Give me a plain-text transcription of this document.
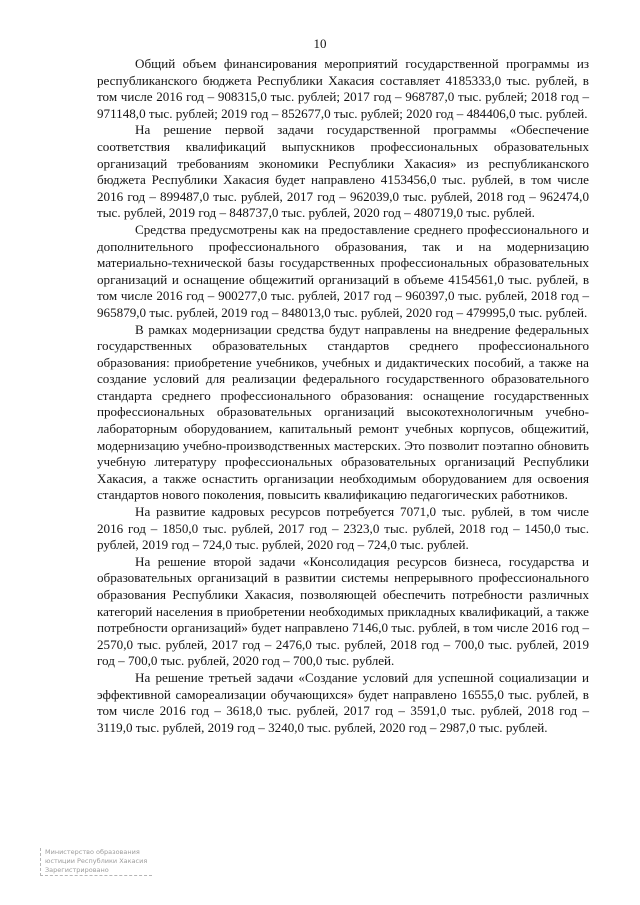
10

Общий объем финансирования мероприятий государственной программы из республиканского бюджета Республики Хакасия составляет 4185333,0 тыс. рублей, в том числе 2016 год – 908315,0 тыс. рублей; 2017 год – 968787,0 тыс. рублей; 2018 год – 971148,0 тыс. рублей; 2019 год – 852677,0 тыс. рублей; 2020 год – 484406,0 тыс. рублей.

На решение первой задачи государственной программы «Обеспечение соответствия квалификаций выпускников профессиональных образовательных организаций требованиям экономики Республики Хакасия» из республиканского бюджета Республики Хакасия будет направлено 4153456,0 тыс. рублей, в том числе 2016 год – 899487,0 тыс. рублей, 2017 год – 962039,0 тыс. рублей, 2018 год – 962474,0 тыс. рублей, 2019 год – 848737,0 тыс. рублей, 2020 год – 480719,0 тыс. рублей.

Средства предусмотрены как на предоставление среднего профессионального и дополнительного профессионального образования, так и на модернизацию материально-технической базы государственных профессиональных образовательных организаций и оснащение общежитий организаций в объеме 4154561,0 тыс. рублей, в том числе 2016 год – 900277,0 тыс. рублей, 2017 год – 960397,0 тыс. рублей, 2018 год – 965879,0 тыс. рублей, 2019 год – 848013,0 тыс. рублей, 2020 год – 479995,0 тыс. рублей.

В рамках модернизации средства будут направлены на внедрение федеральных государственных образовательных стандартов среднего профессионального образования: приобретение учебников, учебных и дидактических пособий, а также на создание условий для реализации федерального государственного образовательного стандарта среднего профессионального образования: оснащение государственных профессиональных образовательных организаций высокотехнологичным учебно-лабораторным оборудованием, капитальный ремонт учебных корпусов, общежитий, модернизацию учебно-производственных мастерских. Это позволит поэтапно обновить учебную литературу профессиональных образовательных организаций Республики Хакасия, а также оснастить организации необходимым оборудованием для освоения стандартов нового поколения, повысить квалификацию педагогических работников.

На развитие кадровых ресурсов потребуется 7071,0 тыс. рублей, в том числе 2016 год – 1850,0 тыс. рублей, 2017 год – 2323,0 тыс. рублей, 2018 год – 1450,0 тыс. рублей, 2019 год – 724,0 тыс. рублей, 2020 год – 724,0 тыс. рублей.

На решение второй задачи «Консолидация ресурсов бизнеса, государства и образовательных организаций в развитии системы непрерывного профессионального образования Республики Хакасия, позволяющей обеспечить потребности различных категорий населения в приобретении необходимых прикладных квалификаций, а также потребности организаций» будет направлено 7146,0 тыс. рублей, в том числе 2016 год – 2570,0 тыс. рублей, 2017 год – 2476,0 тыс. рублей, 2018 год – 700,0 тыс. рублей, 2019 год – 700,0 тыс. рублей, 2020 год – 700,0 тыс. рублей.

На решение третьей задачи «Создание условий для успешной социализации и эффективной самореализации обучающихся» будет направлено 16555,0 тыс. рублей, в том числе 2016 год – 3618,0 тыс. рублей, 2017 год – 3591,0 тыс. рублей, 2018 год – 3119,0 тыс. рублей, 2019 год – 3240,0 тыс. рублей, 2020 год – 2987,0 тыс. рублей.

Министерство образования
юстиции Республики Хакасия
Зарегистрировано
